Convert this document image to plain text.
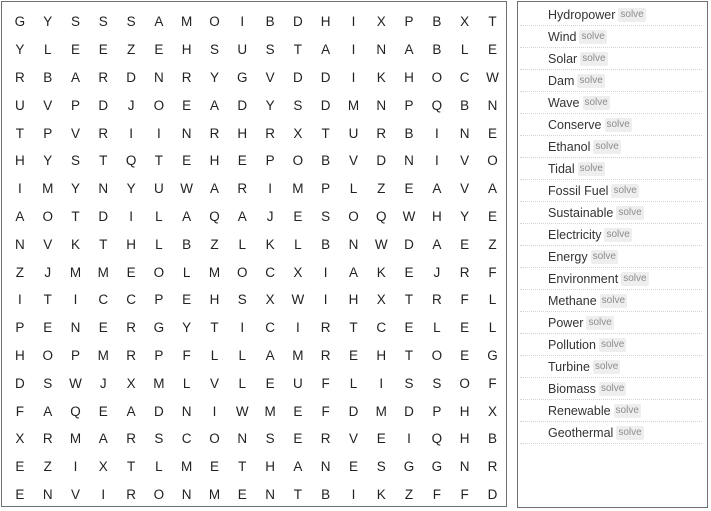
G	Y	S	S	S	A	M	O	I	B	D	H	I	X	P	B	X	T
Y	L	E	E	Z	E	H	S	U	S	T	A	I	N	A	B	L	E
R	B	A	R	D	N	R	Y	G	V	D	D	I	K	H	O	C	W
U	V	P	D	J	O	E	A	D	Y	S	D	M	N	P	Q	B	N
T	P	V	R	I	I	N	R	H	R	X	T	U	R	B	I	N	E
H	Y	S	T	Q	T	E	H	E	P	O	B	V	D	N	I	V	O
I	M	Y	N	Y	U	W	A	R	I	M	P	L	Z	E	A	V	A
A	O	T	D	I	L	A	Q	A	J	E	S	O	Q	W	H	Y	E
N	V	K	T	H	L	B	Z	L	K	L	B	N	W	D	A	E	Z
Z	J	M	M	E	O	L	M	O	C	X	I	A	K	E	J	R	F
I	T	I	C	C	P	E	H	S	X	W	I	H	X	T	R	F	L
P	E	N	E	R	G	Y	T	I	C	I	R	T	C	E	L	E	L
H	O	P	M	R	P	F	L	L	A	M	R	E	H	T	O	E	G
D	S	W	J	X	M	L	V	L	E	U	F	L	I	S	S	O	F
F	A	Q	E	A	D	N	I	W	M	E	F	D	M	D	P	H	X
X	R	M	A	R	S	C	O	N	S	E	R	V	E	I	Q	H	B
E	Z	I	X	T	L	M	E	T	H	A	N	E	S	G	G	N	R
E	N	V	I	R	O	N	M	E	N	T	B	I	K	Z	F	F	D
Hydropower solve
Wind solve
Solar solve
Dam solve
Wave solve
Conserve solve
Ethanol solve
Tidal solve
Fossil Fuel solve
Sustainable solve
Electricity solve
Energy solve
Environment solve
Methane solve
Power solve
Pollution solve
Turbine solve
Biomass solve
Renewable solve
Geothermal solve
